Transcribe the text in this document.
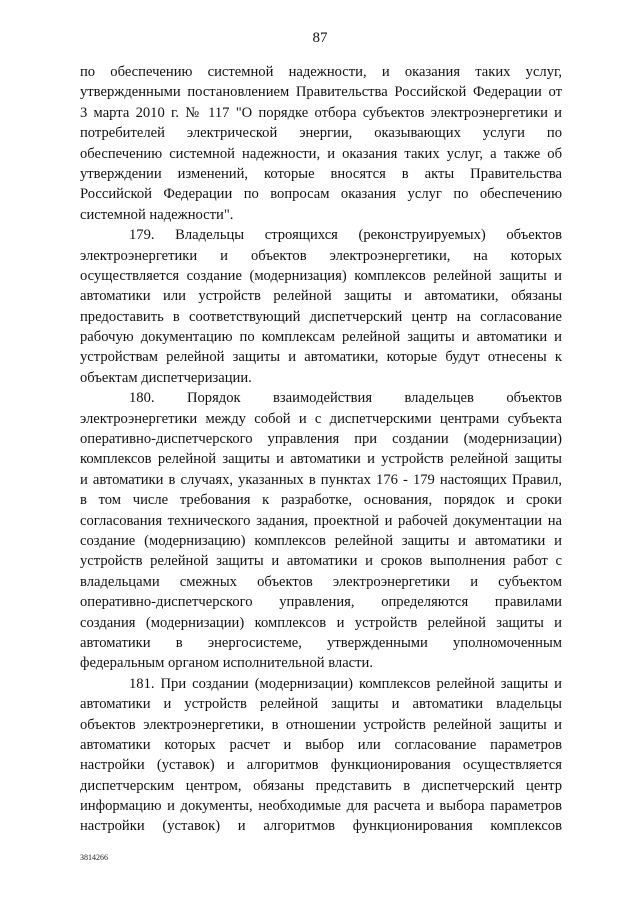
87
по обеспечению системной надежности, и оказания таких услуг,
утвержденными постановлением Правительства Российской Федерации от
3 марта 2010 г. № 117 "О порядке отбора субъектов электроэнергетики и
потребителей электрической энергии, оказывающих услуги по
обеспечению системной надежности, и оказания таких услуг, а также об
утверждении изменений, которые вносятся в акты Правительства
Российской Федерации по вопросам оказания услуг по обеспечению
системной надежности".
179. Владельцы строящихся (реконструируемых) объектов
электроэнергетики и объектов электроэнергетики, на которых
осуществляется создание (модернизация) комплексов релейной защиты и
автоматики или устройств релейной защиты и автоматики, обязаны
предоставить в соответствующий диспетчерский центр на согласование
рабочую документацию по комплексам релейной защиты и автоматики и
устройствам релейной защиты и автоматики, которые будут отнесены к
объектам диспетчеризации.
180. Порядок взаимодействия владельцев объектов
электроэнергетики между собой и с диспетчерскими центрами субъекта
оперативно-диспетчерского управления при создании (модернизации)
комплексов релейной защиты и автоматики и устройств релейной защиты
и автоматики в случаях, указанных в пунктах 176 - 179 настоящих Правил,
в том числе требования к разработке, основания, порядок и сроки
согласования технического задания, проектной и рабочей документации на
создание (модернизацию) комплексов релейной защиты и автоматики и
устройств релейной защиты и автоматики и сроков выполнения работ с
владельцами смежных объектов электроэнергетики и субъектом
оперативно-диспетчерского управления, определяются правилами
создания (модернизации) комплексов и устройств релейной защиты и
автоматики в энергосистеме, утвержденными уполномоченным
федеральным органом исполнительной власти.
181. При создании (модернизации) комплексов релейной защиты и
автоматики и устройств релейной защиты и автоматики владельцы
объектов электроэнергетики, в отношении устройств релейной защиты и
автоматики которых расчет и выбор или согласование параметров
настройки (уставок) и алгоритмов функционирования осуществляется
диспетчерским центром, обязаны представить в диспетчерский центр
информацию и документы, необходимые для расчета и выбора параметров
настройки (уставок) и алгоритмов функционирования комплексов
3814266
